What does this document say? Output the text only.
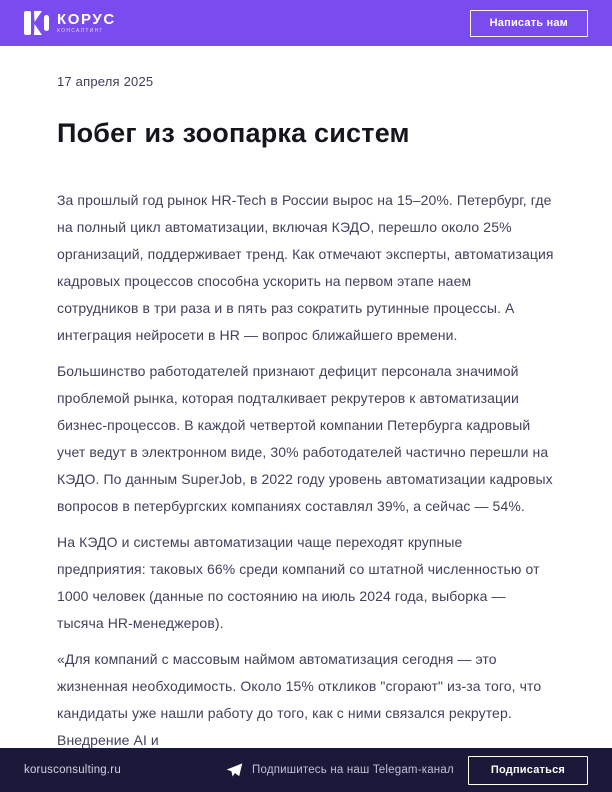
КОРУС
КОНСАЛТИНГ
Написать нам
17 апреля 2025
Побег из зоопарка систем

За прошлый год рынок HR-Tech в России вырос на 15–20%. Петербург, где на полный цикл автоматизации, включая КЭДО, перешло около 25% организаций, поддерживает тренд. Как отмечают эксперты, автоматизация кадровых процессов способна ускорить на первом этапе наем сотрудников в три раза и в пять раз сократить рутинные процессы. А интеграция нейросети в HR — вопрос ближайшего времени.

Большинство работодателей признают дефицит персонала значимой проблемой рынка, которая подталкивает рекрутеров к автоматизации бизнес-процессов. В каждой четвертой компании Петербурга кадровый учет ведут в электронном виде, 30% работодателей частично перешли на КЭДО. По данным SuperJob, в 2022 году уровень автоматизации кадровых вопросов в петербургских компаниях составлял 39%, а сейчас — 54%.

На КЭДО и системы автоматизации чаще переходят крупные предприятия: таковых 66% среди компаний со штатной численностью от 1000 человек (данные по состоянию на июль 2024 года, выборка — тысяча HR-менеджеров).

«Для компаний с массовым наймом автоматизация сегодня — это жизненная необходимость. Около 15% откликов "сгорают" из-за того, что кандидаты уже нашли работу до того, как с ними связался рекрутер. Внедрение AI и

korusconsulting.ru	Подпишитесь на наш Telegam-канал	Подписаться
